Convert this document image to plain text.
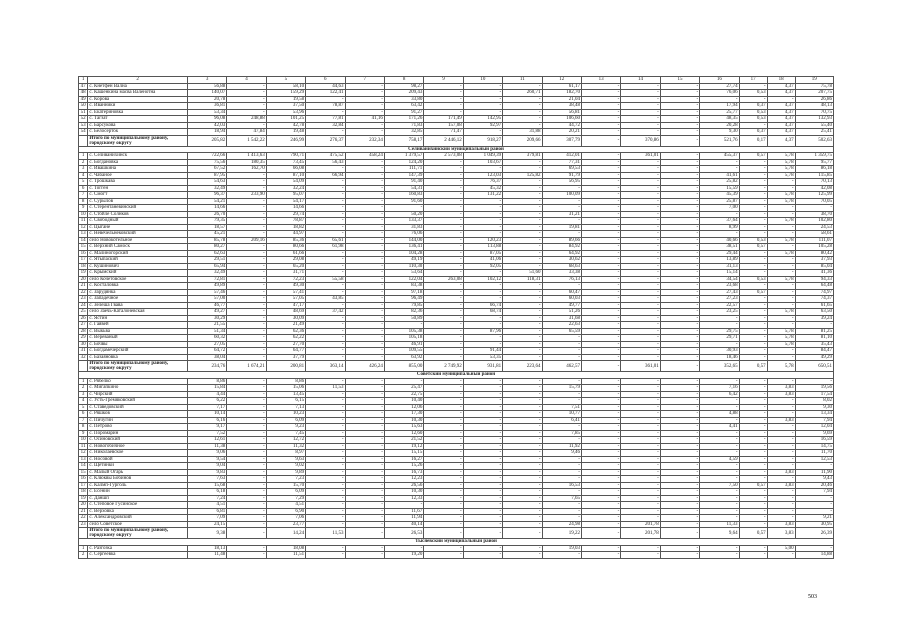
1	2	3	4	5	6	7	8	9	10	11	12	13	14	15	16	17	18	19
47	с. Кнетфен Вална	56,88	-	58,10	44,63	-	98,27	-	-	-	61,17	-	-	-	27,74	-	4,37	75,78
48	с. Кашенкина масва Валенотна	140,07	-	159,29	122,41	-	209,43	-	-	260,71	182,70	-	-	-	76,06	0,53	4,37	207,75
49	с. Корова	20,78	-	19,58	-	-	33,80	-	-	-	21,04	-	-	-	-	-	-	26,86
50	с. Иванники	36,81	-	37,50	78,87	-	63,42	-	-	-	38,48	-	-	-	17,94	0,37	4,37	48,13
51	с. Екатериновка	53,34	-	53,96	-	-	91,27	-	-	-	56,81	-	-	-	25,77	0,53	4,37	70,75
52	с. Тагзат	96,08	248,88	101,25	77,81	41,16	171,26	171,49	142,95	-	106,60	-	-	-	48,35	0,53	4,37	132,93
53	с. Барсукова	42,03	-	42,78	32,84	-	71,83	157,08	92,97	-	44,72	-	-	-	20,28	-	4,37	55,40
54	с. Белосерток	18,94	47,84	19,48	-	-	32,85	71,47	-	31,88	20,21	-	-	-	9,30	0,37	4,37	25,41
	Итого по муниципальному району, городскому округу	205,82	1 542,22	246,99	276,37	232,34	758,17	2 446,12	918,27	209,66	307,79	-	370,86	-	521,76	0,17	4,37	502,63
Селиванихинский муниципальный район																		
1	с. Селиванихинск	722,66	1 413,63	790,71	475,52	458,24	1 379,57	2 573,08	1 049,39	379,81	412,01	-	361,01	-	455,37	0,57	5,78	1 359,75
2	с. Богдановка	75,56	180,35	73,45	56,43	-	124,20	-	103,67	-	77,31	-	-	-	-	-	5,78	95,77
3	с. Ивашкина	67,52	162,70	66,08	-	-	111,71	-	-	-	69,53	-	-	-	-	-	5,78	86,18
4	с. Чабаное	87,95	-	87,10	66,94	-	147,39	-	123,03	125,82	91,79	-	-	-	41,61	-	5,78	115,85
5	с. Трошкава	54,63	-	54,09	-	-	91,40	-	76,37	-	56,95	-	-	-	25,82	-	-	70,13
6	с. Тогген	32,49	-	32,24	-	-	54,31	-	45,32	-	-	-	-	-	15,59	-	-	42,08
7	с. Смогт	96,37	233,90	95,07	-	-	160,83	-	131,22	-	100,09	-	-	-	45,39	-	5,78	125,99
8	с. Сурылов	54,21	-	54,17	-	-	91,60	-	-	-	-	-	-	-	25,87	-	5,78	70,05
9	с. Стерентаневинский	14,66	-	14,66	-	-	-	-	-	-	-	-	-	-	7,00	-	-	-
10	с. Стойле Солнков	26,70	-	29,74	-	-	50,20	-	-	-	31,21	-	-	-	-	-	-	38,70
11	с. Свободный	79,35	-	78,87	-	-	133,37	-	-	-	-	-	-	-	37,64	-	5,78	102,80
12	с. Цыгане	18,57	-	18,82	-	-	31,83	-	-	-	19,81	-	-	-	8,99	-	-	24,53
13	с. Невечельнековский	45,21	-	44,97	-	-	76,06	-	-	-	-	-	-	-	-	-	-	58,61
14	село Новокотельное	85,78	209,16	85,36	65,61	-	144,00	-	120,23	-	89,66	-	-	-	40,66	0,53	5,78	111,07
15	с. Верхний Самоск	80,27	-	80,66	61,98	-	136,41	-	113,88	-	84,92	-	-	-	38,51	0,57	-	105,28
16	с. Малиногорский	62,63	-	61,66	-	-	104,28	-	87,05	-	64,92	-	-	-	29,44	-	5,78	80,42
17	с. Ятыпаский	29,51	-	29,08	-	-	49,19	-	41,06	-	30,62	-	-	-	13,89	-	-	37,93
18	с. Кушинович	65,94	-	65,20	-	-	110,30	-	92,05	-	68,63	-	-	-	31,13	-	-	85,04
19	с. Крымский	32,49	-	31,71	-	-	53,64	-	-	51,60	33,38	-	-	-	15,14	-	-	41,36
20	село Кочетовское	72,81	-	72,23	55,58	-	122,04	263,08	102,12	118,31	76,13	-	-	-	34,54	0,53	5,78	94,33
21	с. Косталовка	49,89	-	49,30	-	-	83,38	-	-	-	-	-	-	-	23,68	-	-	64,48
22	с. Зарудянка	57,46	-	57,41	-	-	97,18	-	-	-	60,47	-	-	-	27,43	0,57	-	74,97
23	с. Западечное	57,00	-	57,05	43,85	-	96,49	-	-	-	60,03	-	-	-	27,23	-	-	74,37
24	с. Зелеша Гвава	46,77	-	47,17	-	-	79,85	-	66,74	-	49,77	-	-	-	22,57	-	-	61,65
25	село Заечь-Каталоневская	49,27	-	48,69	37,42	-	82,36	-	68,74	-	51,26	-	-	-	23,25	-	5,78	63,50
26	с. Ястин	30,29	-	30,09	-	-	50,89	-	-	-	31,68	-	-	-	-	-	-	39,24
27	с. Гаявей	21,55	-	21,49	-	-	-	-	-	-	22,63	-	-	-	-	-	-	-
28	с. Выкьва	51,34	-	62,36	-	-	105,38	-	87,96	-	65,59	-	-	-	29,75	-	5,78	81,25
29	с. Вереваный	60,32	-	62,22	-	-	105,18	-	-	-	-	-	-	-	29,71	-	5,78	81,10
30	с. Бочвы	27,05	-	27,70	-	-	46,91	-	-	-	-	-	-	-	-	-	5,78	35,43
31	с. Богдамечерский	64,72	-	64,77	-	-	109,55	-	91,44	-	-	-	-	-	30,93	-	-	84,47
32	с. Базаяновка	38,04	-	37,79	-	-	63,92	-	53,35	-	-	-	-	-	18,46	-	-	49,29
	Итого по муниципальному району, городскому округу	234,76	1 674,21	200,81	363,14	426,24	855,00	2 749,92	931,81	223,64	462,57	-	361,01	-	352,65	0,57	5,78	650,51
Советский муниципальный район																		
1	с. Рябелко	8,86	-	8,86	-	-	-	-	-	-	-	-	-	-	-	-	-	-
2	с. Мигапкино	15,84	-	15,06	11,53	-	25,47	-	-	-	15,79	-	-	-	7,16	-	3,83	19,56
3	с. Чирский	4,44	-	13,45	-	-	22,75	-	-	-	-	-	-	-	6,42	-	3,83	17,54
4	с. Усть-Гремяковский	6,22	-	6,15	-	-	10,40	-	-	-	-	-	-	-	-	-	-	8,02
5	с. Ставедовский	7,17	-	7,13	-	-	12,06	-	-	-	7,51	-	-	-	-	-	-	9,30
6	с. Ряшков	10,14	-	10,23	-	-	17,30	-	-	-	10,77	-	-	-	4,88	-	-	13,34
7	с. Пичугин	6,16	-	6,09	-	-	10,30	-	-	-	6,41	-	-	-	-	-	3,83	7,94
8	с. Петрово	9,17	-	9,23	-	-	15,63	-	-	-	-	-	-	-	4,41	-	-	12,04
9	с. Поромарин	7,52	-	7,45	-	-	12,60	-	-	-	7,85	-	-	-	-	-	-	9,69
10	с. Осиновский	12,61	-	12,72	-	-	21,52	-	-	-	-	-	-	-	-	-	-	16,59
11	с. Новогобичное	11,38	-	11,32	-	-	19,12	-	-	-	11,92	-	-	-	-	-	-	14,75
12	с. Николаевское	9,06	-	8,97	-	-	15,15	-	-	-	9,46	-	-	-	-	-	-	11,70
13	с. Носовой	9,54	-	9,63	-	-	16,27	-	-	-	-	-	-	-	4,59	-	-	12,53
14	с. Щетинки	9,04	-	9,02	-	-	15,26	-	-	-	-	-	-	-	-	-	-	-
15	с. Малый Огарь	9,83	-	9,89	-	-	16,73	-	-	-	-	-	-	-	-	-	3,83	11,90
16	с. Клюквы Бобинов	7,63	-	7,23	-	-	12,23	-	-	-	-	-	-	-	-	-	-	9,43
17	с. Калмп-Гурголь	15,68	-	15,70	-	-	26,56	-	-	-	16,53	-	-	-	7,50	0,57	3,83	20,46
18	с. Есенин	6,18	-	6,09	-	-	10,30	-	-	-	-	-	-	-	-	-	-	7,94
19	с. Даншп	7,24	-	7,29	-	-	12,33	-	-	-	7,65	-	-	-	-	-	-	-
20	с. Степовое Гусинское	4,51	-	4,51	-	-	-	-	-	-	-	-	-	-	-	-	-	-
21	с. Верховка	6,81	-	6,90	-	-	11,67	-	-	-	-	-	-	-	-	-	-	-
22	с. Александровский	7,09	-	7,06	-	-	11,94	-	-	-	-	-	-	-	-	-	-	9,21
23	село Советское	24,15	-	23,77	-	-	40,14	-	-	-	24,98	-	201,78	-	11,33	-	3,83	30,95
	Итого по муниципальному району, городскому округу	9,38	-	14,24	11,53	-	26,53	-	-	-	19,22	-	201,78	-	9,64	0,57	3,83	26,39
Тысяевский муниципальный район																		
1	с. Разгозка	18,13	-	18,08	-	-	-	-	-	-	19,03	-	-	-	-	-	5,00	-
2	с. Сергеевка	11,48	-	11,51	-	-	19,20	-	-	-	-	-	-	-	-	-	-	14,88
503
